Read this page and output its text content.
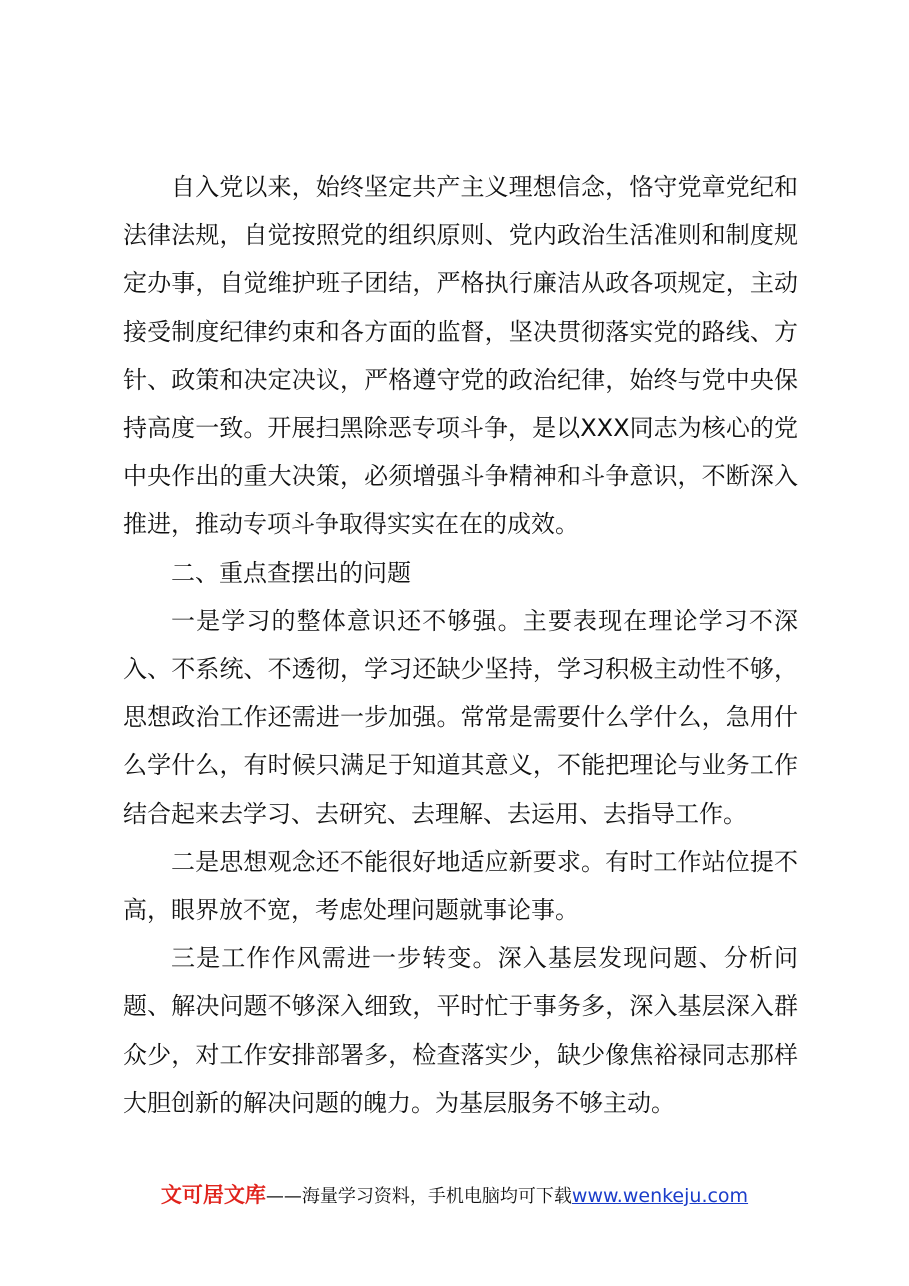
自入党以来，始终坚定共产主义理想信念，恪守党章党纪和法律法规，自觉按照党的组织原则、党内政治生活准则和制度规定办事，自觉维护班子团结，严格执行廉洁从政各项规定，主动接受制度纪律约束和各方面的监督，坚决贯彻落实党的路线、方针、政策和决定决议，严格遵守党的政治纪律，始终与党中央保持高度一致。开展扫黑除恶专项斗争，是以XXX同志为核心的党中央作出的重大决策，必须增强斗争精神和斗争意识，不断深入推进，推动专项斗争取得实实在在的成效。

二、重点查摆出的问题

一是学习的整体意识还不够强。主要表现在理论学习不深入、不系统、不透彻，学习还缺少坚持，学习积极主动性不够，思想政治工作还需进一步加强。常常是需要什么学什么，急用什么学什么，有时候只满足于知道其意义，不能把理论与业务工作结合起来去学习、去研究、去理解、去运用、去指导工作。

二是思想观念还不能很好地适应新要求。有时工作站位提不高，眼界放不宽，考虑处理问题就事论事。

三是工作作风需进一步转变。深入基层发现问题、分析问题、解决问题不够深入细致，平时忙于事务多，深入基层深入群众少，对工作安排部署多，检查落实少，缺少像焦裕禄同志那样大胆创新的解决问题的魄力。为基层服务不够主动。

文可居文库——海量学习资料，手机电脑均可下载www.wenkeju.com
